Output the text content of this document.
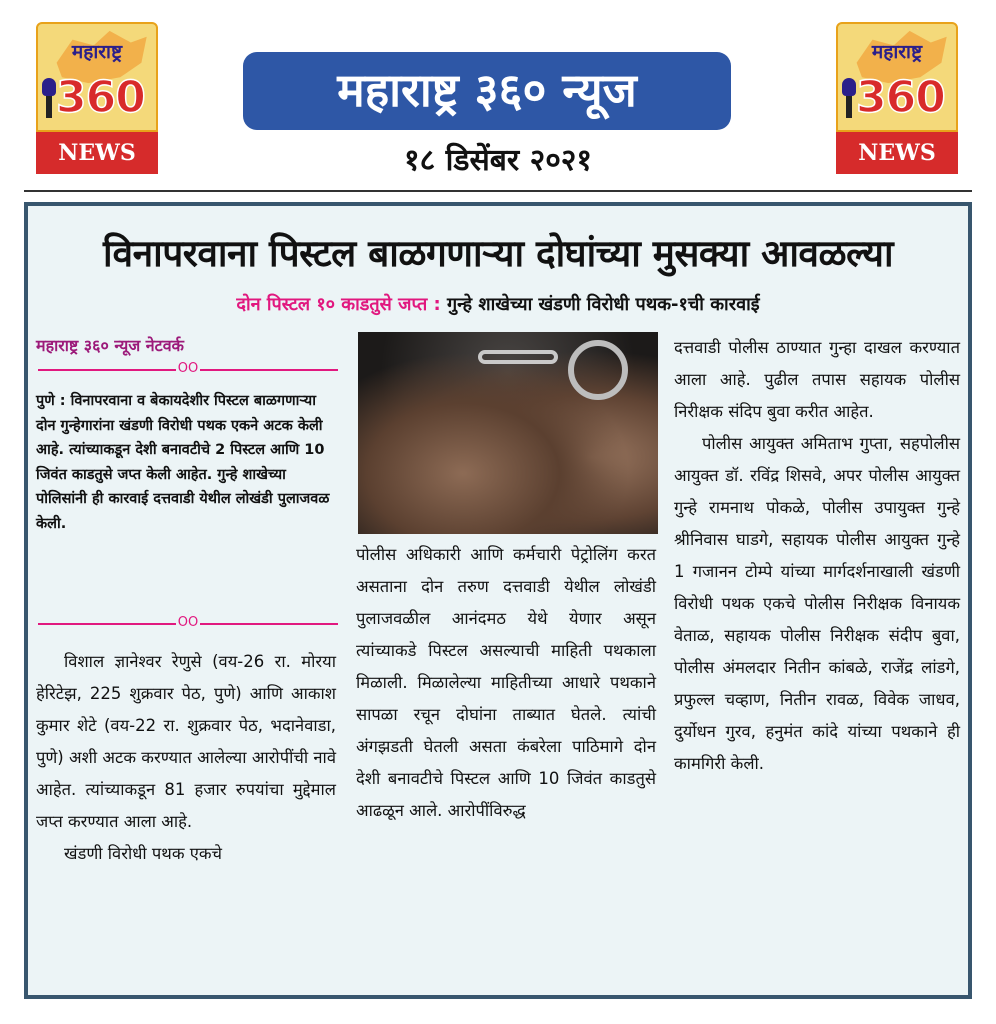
महाराष्ट्र
360
NEWS
महाराष्ट्र ३६० न्यूज
१८ डिसेंबर २०२१
महाराष्ट्र
360
NEWS
विनापरवाना पिस्टल बाळगणाऱ्या दोघांच्या मुसक्या आवळल्या
दोन पिस्टल १० काडतुसे जप्त : गुन्हे शाखेच्या खंडणी विरोधी पथक-१ची कारवाई
महाराष्ट्र ३६० न्यूज नेटवर्क
OO
पुणे : विनापरवाना व बेकायदेशीर पिस्टल बाळगणाऱ्या दोन गुन्हेगारांना खंडणी विरोधी पथक एकने अटक केली आहे. त्यांच्याकडून देशी बनावटीचे 2 पिस्टल आणि 10 जिवंत काडतुसे जप्त केली आहेत. गुन्हे शाखेच्या पोलिसांनी ही कारवाई दत्तवाडी येथील लोखंडी पुलाजवळ केली.
OO

विशाल ज्ञानेश्वर रेणुसे (वय-26 रा. मोरया हेरिटेझ, 225 शुक्रवार पेठ, पुणे) आणि आकाश कुमार शेटे (वय-22 रा. शुक्रवार पेठ, भदानेवाडा, पुणे) अशी अटक करण्यात आलेल्या आरोपींची नावे आहेत. त्यांच्याकडून 81 हजार रुपयांचा मुद्देमाल जप्त करण्यात आला आहे.

खंडणी विरोधी पथक एकचे

पोलीस अधिकारी आणि कर्मचारी पेट्रोलिंग करत असताना दोन तरुण दत्तवाडी येथील लोखंडी पुलाजवळील आनंदमठ येथे येणार असून त्यांच्याकडे पिस्टल असल्याची माहिती पथकाला मिळाली. मिळालेल्या माहितीच्या आधारे पथकाने सापळा रचून दोघांना ताब्यात घेतले. त्यांची अंगझडती घेतली असता कंबरेला पाठिमागे दोन देशी बनावटीचे पिस्टल आणि 10 जिवंत काडतुसे आढळून आले. आरोपींविरुद्ध
दत्तवाडी पोलीस ठाण्यात गुन्हा दाखल करण्यात आला आहे. पुढील तपास सहायक पोलीस निरीक्षक संदिप बुवा करीत आहेत.

पोलीस आयुक्त अमिताभ गुप्ता, सहपोलीस आयुक्त डॉ. रविंद्र शिसवे, अपर पोलीस आयुक्त गुन्हे रामनाथ पोकळे, पोलीस उपायुक्त गुन्हे श्रीनिवास घाडगे, सहायक पोलीस आयुक्त गुन्हे 1 गजानन टोम्पे यांच्या मार्गदर्शनाखाली खंडणी विरोधी पथक एकचे पोलीस निरीक्षक विनायक वेताळ, सहायक पोलीस निरीक्षक संदीप बुवा, पोलीस अंमलदार नितीन कांबळे, राजेंद्र लांडगे, प्रफुल्ल चव्हाण, नितीन रावळ, विवेक जाधव, दुर्योधन गुरव, हनुमंत कांदे यांच्या पथकाने ही कामगिरी केली.
